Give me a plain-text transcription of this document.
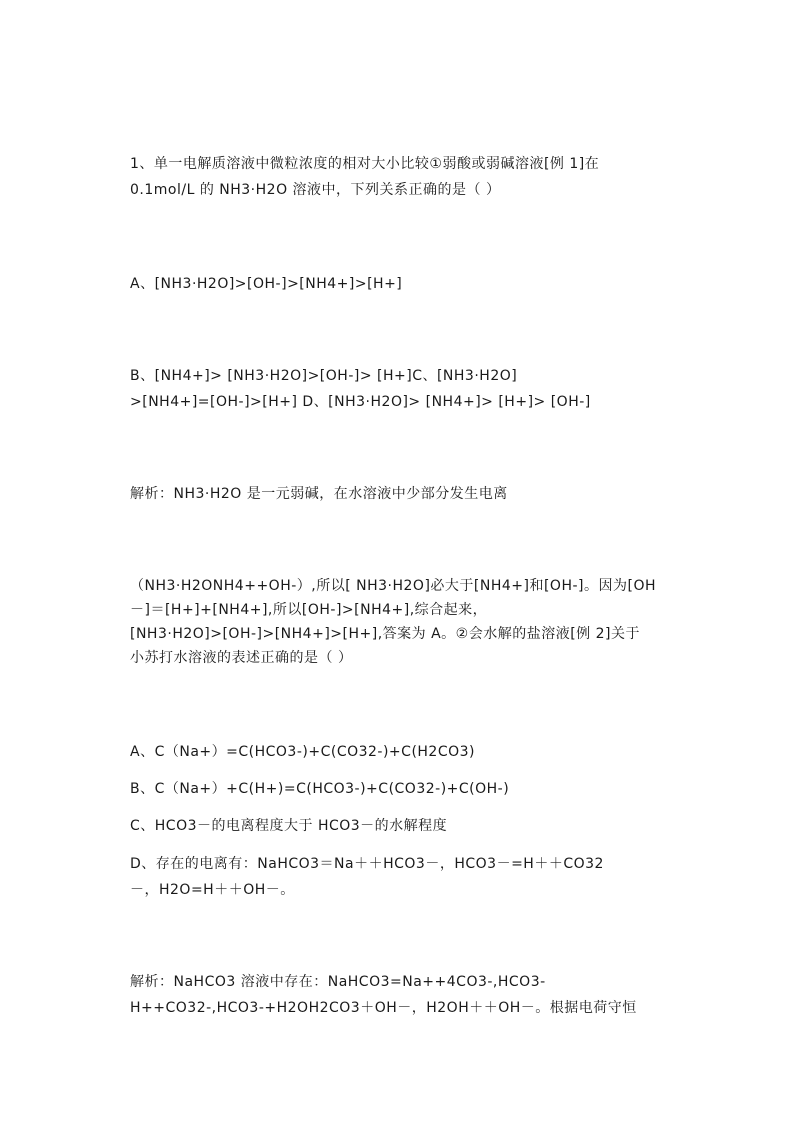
1、单一电解质溶液中微粒浓度的相对大小比较①弱酸或弱碱溶液[例 1]在
0.1mol/L 的 NH3·H2O 溶液中，下列关系正确的是（ ）
A、[NH3·H2O]>[OH-]>[NH4+]>[H+]
B、[NH4+]> [NH3·H2O]>[OH-]> [H+]C、[NH3·H2O]
>[NH4+]=[OH-]>[H+] D、[NH3·H2O]> [NH4+]> [H+]> [OH-]
解析：NH3·H2O 是一元弱碱，在水溶液中少部分发生电离
（NH3·H2ONH4++OH-）,所以[ NH3·H2O]必大于[NH4+]和[OH-]。因为[OH
－]＝[H+]+[NH4+],所以[OH-]>[NH4+],综合起来，
[NH3·H2O]>[OH-]>[NH4+]>[H+],答案为 A。②会水解的盐溶液[例 2]关于
小苏打水溶液的表述正确的是（ ）
A、C（Na+）=C(HCO3-)+C(CO32-)+C(H2CO3)
B、C（Na+）+C(H+)=C(HCO3-)+C(CO32-)+C(OH-)
C、HCO3－的电离程度大于 HCO3－的水解程度
D、存在的电离有：NaHCO3＝Na＋＋HCO3－，HCO3－=H＋＋CO32
－，H2O=H＋＋OH－。
解析：NaHCO3 溶液中存在：NaHCO3=Na++4CO3-,HCO3-
H++CO32-,HCO3-+H2OH2CO3＋OH－，H2OH＋＋OH－。根据电荷守恒
